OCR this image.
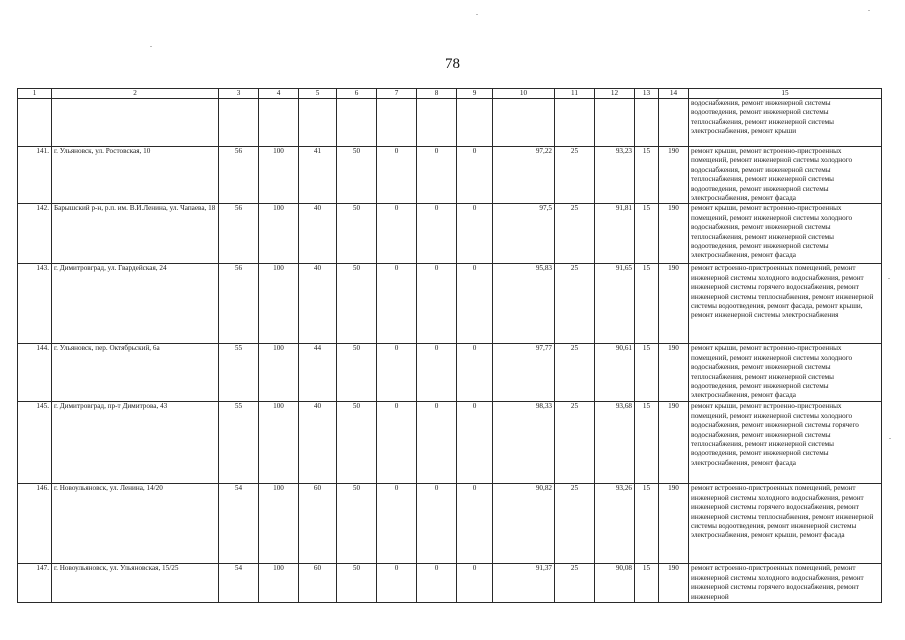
78
1	2	3	4	5	6	7	8	9	10	11	12	13	14	15
														водоснабжения, ремонт инженерной системы водоотведения, ремонт инженерной системы теплоснабжения, ремонт инженерной системы электроснабжения, ремонт крыши
141.	г. Ульяновск, ул. Ростовская, 10	56	100	41	50	0	0	0	97,22	25	93,23	15	190	ремонт крыши, ремонт встроенно-пристроенных помещений, ремонт инженерной системы холодного водоснабжения, ремонт инженерной системы теплоснабжения, ремонт инженерной системы водоотведения, ремонт инженерной системы электроснабжения, ремонт фасада
142.	Барышский р-н, р.п. им. В.И.Ленина, ул. Чапаева, 18	56	100	40	50	0	0	0	97,5	25	91,81	15	190	ремонт крыши, ремонт встроенно-пристроенных помещений, ремонт инженерной системы холодного водоснабжения, ремонт инженерной системы теплоснабжения, ремонт инженерной системы водоотведения, ремонт инженерной системы электроснабжения, ремонт фасада
143.	г. Димитровград, ул. Гвардейская, 24	56	100	40	50	0	0	0	95,83	25	91,65	15	190	ремонт встроенно-пристроенных помещений, ремонт инженерной системы холодного водоснабжения, ремонт инженерной системы горячего водоснабжения, ремонт инженерной системы теплоснабжения, ремонт инженерной системы водоотведения, ремонт фасада, ремонт крыши, ремонт инженерной системы электроснабжения
144.	г. Ульяновск, пер. Октябрьский, 6а	55	100	44	50	0	0	0	97,77	25	90,61	15	190	ремонт крыши, ремонт встроенно-пристроенных помещений, ремонт инженерной системы холодного водоснабжения, ремонт инженерной системы теплоснабжения, ремонт инженерной системы водоотведения, ремонт инженерной системы электроснабжения, ремонт фасада
145.	г. Димитровград, пр-т Димитрова, 43	55	100	40	50	0	0	0	98,33	25	93,68	15	190	ремонт крыши, ремонт встроенно-пристроенных помещений, ремонт инженерной системы холодного водоснабжения, ремонт инженерной системы горячего водоснабжения, ремонт инженерной системы теплоснабжения, ремонт инженерной системы водоотведения, ремонт инженерной системы электроснабжения, ремонт фасада
146.	г. Новоульяновск, ул. Ленина, 14/20	54	100	60	50	0	0	0	90,82	25	93,26	15	190	ремонт встроенно-пристроенных помещений, ремонт инженерной системы холодного водоснабжения, ремонт инженерной системы горячего водоснабжения, ремонт инженерной системы теплоснабжения, ремонт инженерной системы водоотведения, ремонт инженерной системы электроснабжения, ремонт крыши, ремонт фасада
147.	г. Новоульяновск, ул. Ульяновская, 15/25	54	100	60	50	0	0	0	91,37	25	90,08	15	190	ремонт встроенно-пристроенных помещений, ремонт инженерной системы холодного водоснабжения, ремонт инженерной системы горячего водоснабжения, ремонт инженерной
